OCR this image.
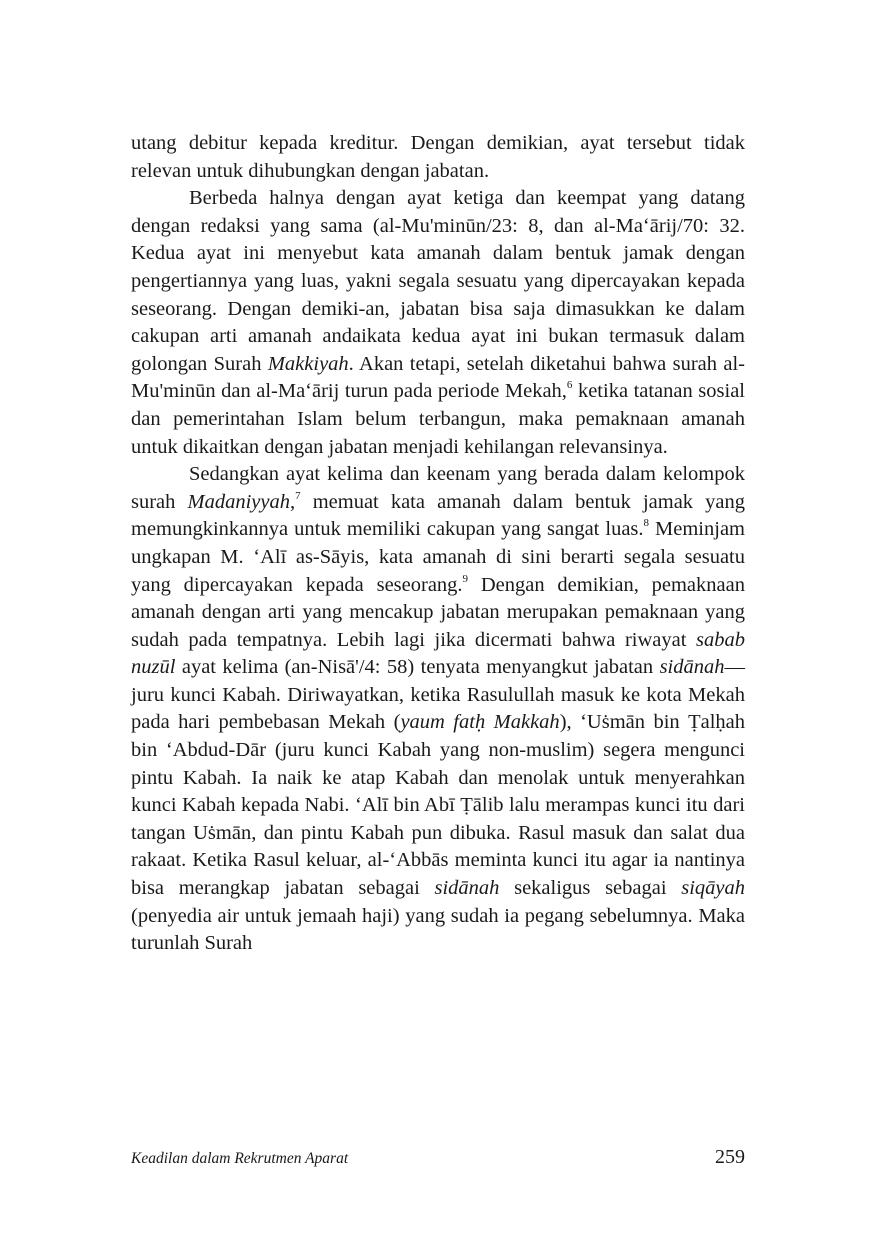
utang debitur kepada kreditur. Dengan demikian, ayat tersebut tidak relevan untuk dihubungkan dengan jabatan.

Berbeda halnya dengan ayat ketiga dan keempat yang datang dengan redaksi yang sama (al-Mu'minūn/23: 8, dan al-Maʻārij/70: 32. Kedua ayat ini menyebut kata amanah dalam bentuk jamak dengan pengertiannya yang luas, yakni segala sesuatu yang dipercayakan kepada seseorang. Dengan demiki-an, jabatan bisa saja dimasukkan ke dalam cakupan arti amanah andaikata kedua ayat ini bukan termasuk dalam golongan Surah Makkiyah. Akan tetapi, setelah diketahui bahwa surah al-Mu'minūn dan al-Maʻārij turun pada periode Mekah,$^6$ ketika tatanan sosial dan pemerintahan Islam belum terbangun, maka pemaknaan amanah untuk dikaitkan dengan jabatan menjadi kehilangan relevansinya.

Sedangkan ayat kelima dan keenam yang berada dalam kelompok surah Madaniyyah,$^7$ memuat kata amanah dalam bentuk jamak yang memungkinkannya untuk memiliki cakupan yang sangat luas.$^8$ Meminjam ungkapan M. ʻAlī as-Sāyis, kata amanah di sini berarti segala sesuatu yang dipercayakan kepada seseorang.$^9$ Dengan demikian, pemaknaan amanah dengan arti yang mencakup jabatan merupakan pemaknaan yang sudah pada tempatnya. Lebih lagi jika dicermati bahwa riwayat sabab nuzūl ayat kelima (an-Nisā'/4: 58) tenyata menyangkut jabatan sidānah—juru kunci Kabah. Diriwayatkan, ketika Rasulullah masuk ke kota Mekah pada hari pembebasan Mekah (yaum fatḥ Makkah), ʻUṡmān bin Ṭalḥah bin ʻAbdud-Dār (juru kunci Kabah yang non-muslim) segera mengunci pintu Kabah. Ia naik ke atap Kabah dan menolak untuk menyerahkan kunci Kabah kepada Nabi. ʻAlī bin Abī Ṭālib lalu merampas kunci itu dari tangan Uṡmān, dan pintu Kabah pun dibuka. Rasul masuk dan salat dua rakaat. Ketika Rasul keluar, al-ʻAbbās meminta kunci itu agar ia nantinya bisa merangkap jabatan sebagai sidānah sekaligus sebagai siqāyah (penyedia air untuk jemaah haji) yang sudah ia pegang sebelumnya. Maka turunlah Surah

Keadilan dalam Rekrutmen Aparat	259
